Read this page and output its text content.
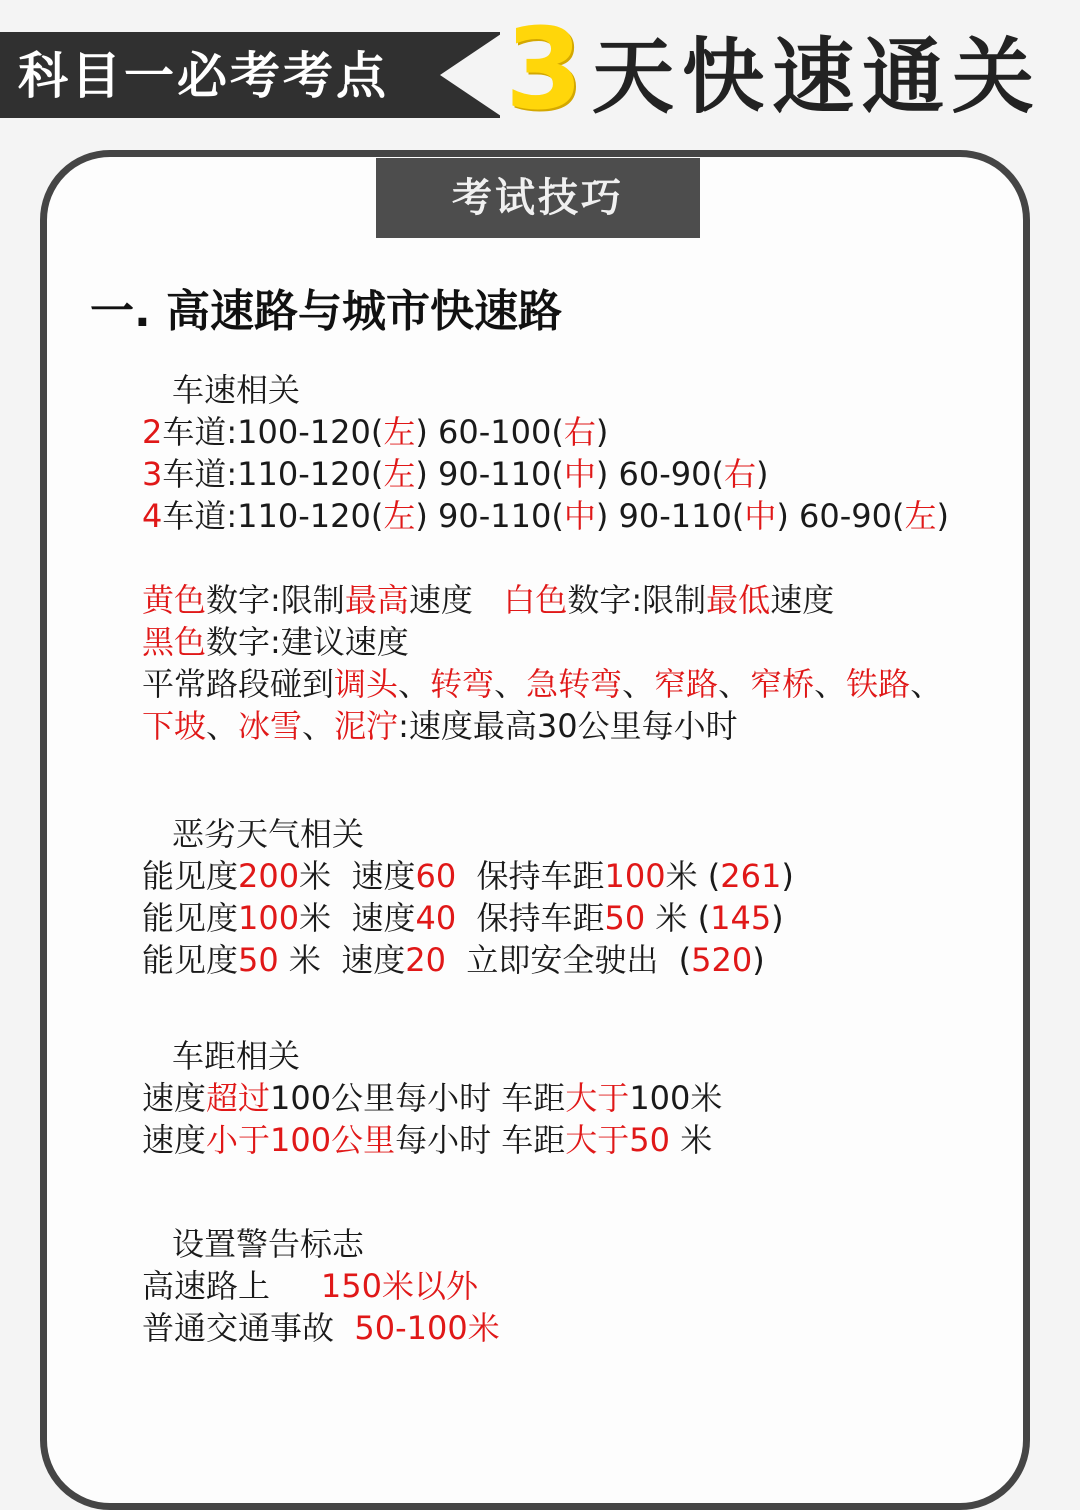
科目一必考考点 3 天快速通关
考试技巧
一. 高速路与城市快速路
车速相关
2车道:100-120(左) 60-100(右)
3车道:110-120(左) 90-110(中) 60-90(右)
4车道:110-120(左) 90-110(中) 90-110(中) 60-90(左)
黄色数字:限制最高速度   白色数字:限制最低速度
黑色数字:建议速度
平常路段碰到调头、转弯、急转弯、窄路、窄桥、铁路、
下坡、冰雪、泥泞:速度最高30公里每小时
恶劣天气相关
能见度200米  速度60  保持车距100米 (261)
能见度100米  速度40  保持车距50 米 (145)
能见度50 米  速度20  立即安全驶出  (520)
车距相关
速度超过100公里每小时 车距大于100米
速度小于100公里每小时 车距大于50 米
设置警告标志
高速路上     150米以外
普通交通事故  50-100米
